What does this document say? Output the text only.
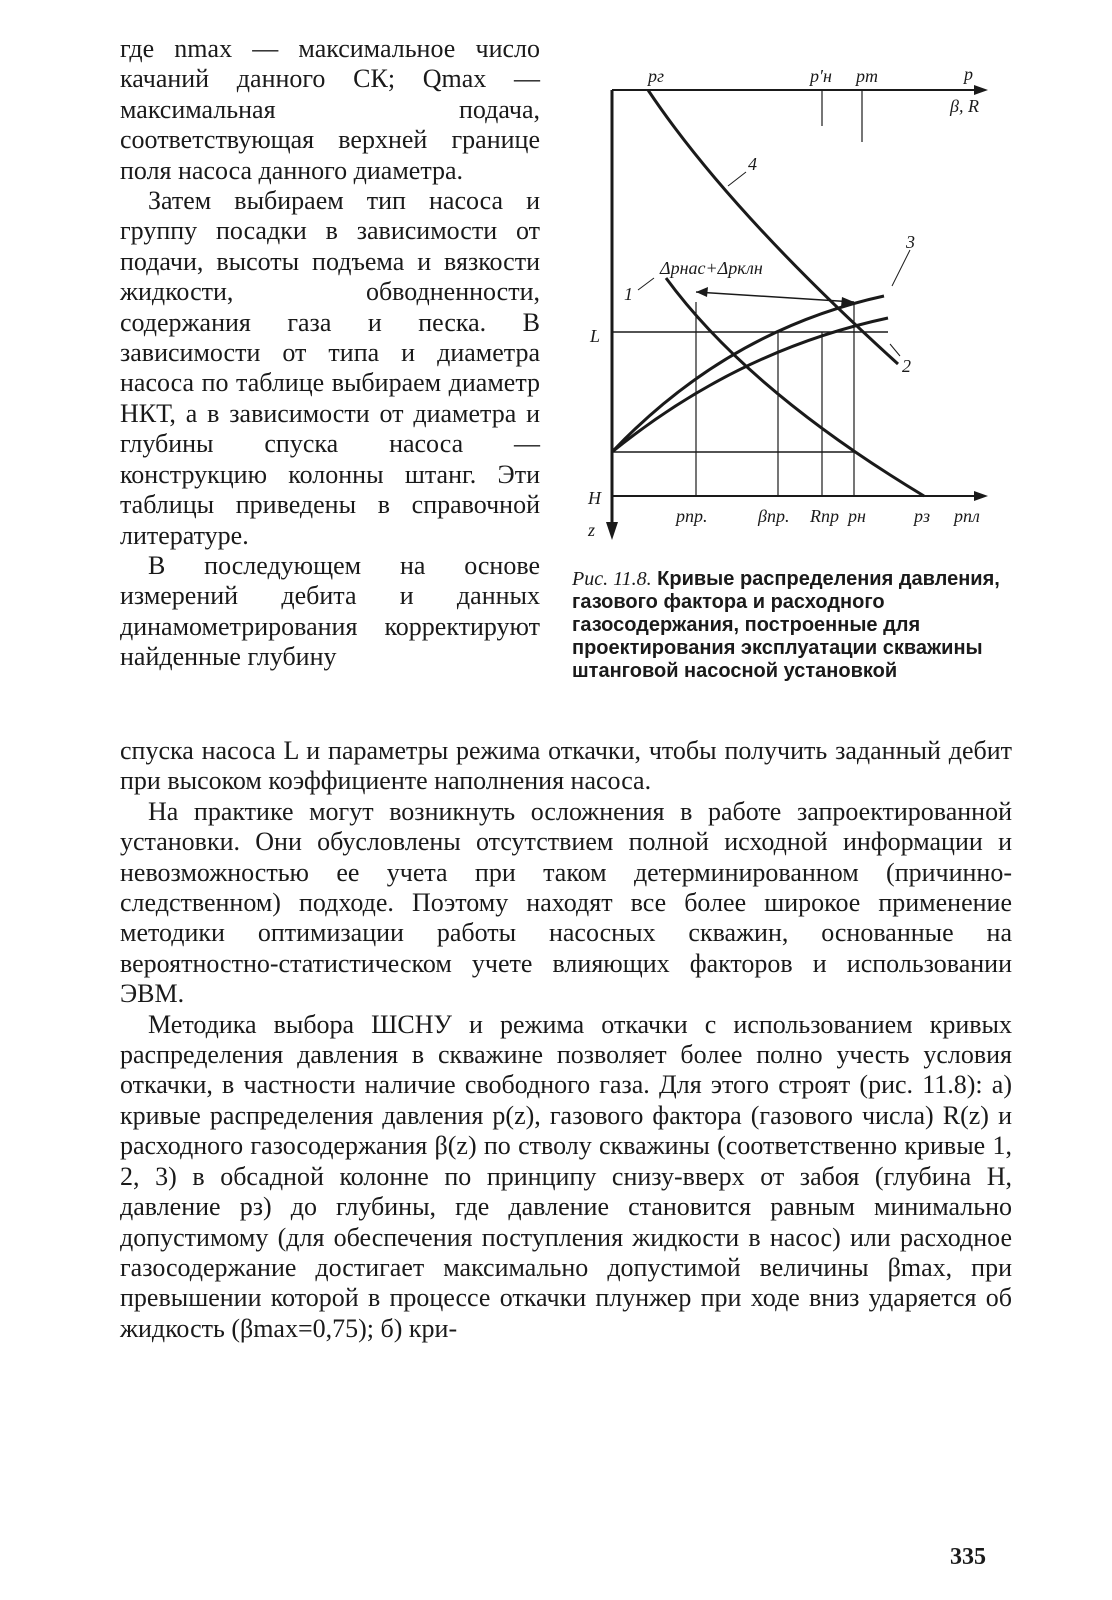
где nmax — максимальное число качаний данного СК; Qmax — максимальная подача, соответствующая верхней границе поля насоса данного диаметра.

Затем выбираем тип насоса и группу посадки в зависимости от подачи, высоты подъема и вязкости жидкости, обводненности, содержания газа и песка. В зависимости от типа и диаметра насоса по таблице выбираем диаметр НКТ, а в зависимости от диаметра и глубины спуска насоса — конструкцию колонны штанг. Эти таблицы приведены в справочной литературе.

В последующем на основе измерений дебита и данных динамометрирования корректируют найденные глубину

pг	p′н pт	p
β, R
L
H
z
pпр.	βпр. Rпр pн	pз pпл
4
1
3
2
Δpнас+Δpклн
Рис. 11.8. Кривые распределения давления, газового фактора и расходного газосодержания, построенные для проектирования эксплуатации скважины штанговой насосной установкой

спуска насоса L и параметры режима откачки, чтобы получить заданный дебит при высоком коэффициенте наполнения насоса.

На практике могут возникнуть осложнения в работе запроектированной установки. Они обусловлены отсутствием полной исходной информации и невозможностью ее учета при таком детерминированном (причинно-следственном) подходе. Поэтому находят все более широкое применение методики оптимизации работы насосных скважин, основанные на вероятностно-статистическом учете влияющих факторов и использовании ЭВМ.

Методика выбора ШСНУ и режима откачки с использованием кривых распределения давления в скважине позволяет более полно учесть условия откачки, в частности наличие свободного газа. Для этого строят (рис. 11.8): а) кривые распределения давления p(z), газового фактора (газового числа) R(z) и расходного газосодержания β(z) по стволу скважины (соответственно кривые 1, 2, 3) в обсадной колонне по принципу снизу-вверх от забоя (глубина H, давление pз) до глубины, где давление становится равным минимально допустимому (для обеспечения поступления жидкости в насос) или расходное газосодержание достигает максимально допустимой величины βmax, при превышении которой в процессе откачки плунжер при ходе вниз ударяется об жидкость (βmax=0,75); б) кри-

335
